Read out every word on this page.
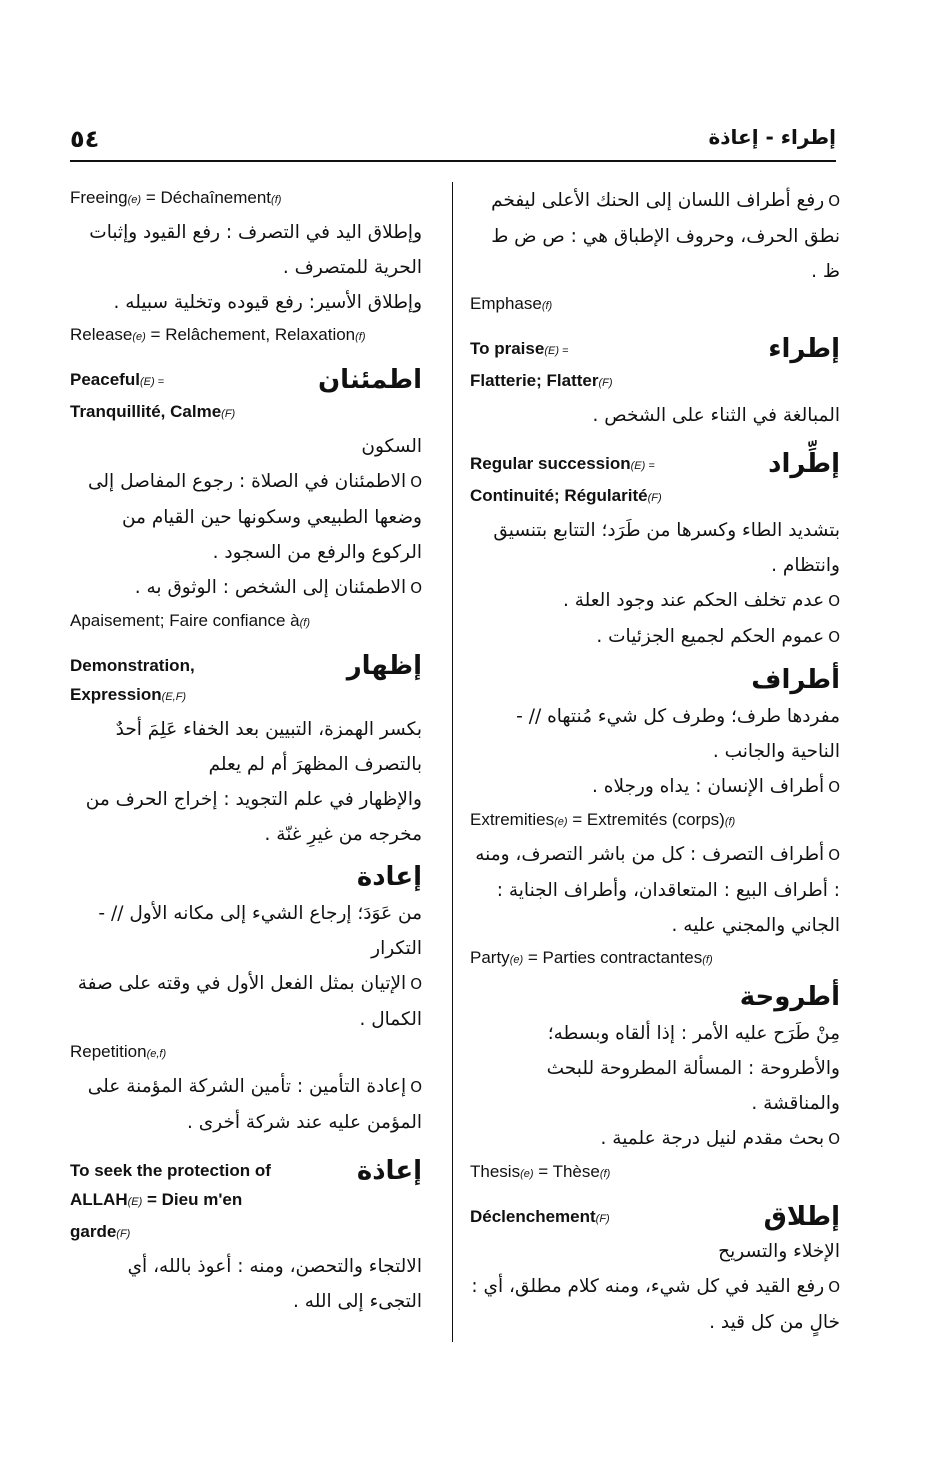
٥٤	إطراء - إعاذة
Oرفع أطراف اللسان إلى الحنك الأعلى ليفخم نطق الحرف، وحروف الإطباق هي : ص ض ط ظ .
Emphase(f)
إطراء
To praise(E) =
Flatterie; Flatter(F)
المبالغة في الثناء على الشخص .
إطِّراد
Regular succession(E) =
Continuité; Régularité(F)
بتشديد الطاء وكسرها من طَرَد؛ التتابع بتنسيق وانتظام .
Oعدم تخلف الحكم عند وجود العلة .
Oعموم الحكم لجميع الجزئيات .
أطراف
مفردها طرف؛ وطرف كل شيء مُنتهاه // - الناحية والجانب .
Oأطراف الإنسان : يداه ورجلاه .
Extremities(e) = Extremités (corps)(f)
Oأطراف التصرف : كل من باشر التصرف، ومنه : أطراف البيع : المتعاقدان، وأطراف الجناية : الجاني والمجني عليه .
Party(e) = Parties contractantes(f)
أطروحة
مِنْ طَرَح عليه الأمر : إذا ألقاه وبسطه؛ والأطروحة : المسألة المطروحة للبحث والمناقشة .
Oبحث مقدم لنيل درجة علمية .
Thesis(e) = Thèse(f)
إطلاق
Déclenchement(F)
الإخلاء والتسريح
Oرفع القيد في كل شيء، ومنه كلام مطلق، أي : خالٍ من كل قيد .
Freeing(e) = Déchaînement(f)
وإطلاق اليد في التصرف : رفع القيود وإثبات الحرية للمتصرف .
وإطلاق الأسير: رفع قيوده وتخلية سبيله .
Release(e) = Relâchement, Relaxation(f)
اطمئنان
Peaceful(E) =
Tranquillité, Calme(F)
السكون
Oالاطمئنان في الصلاة : رجوع المفاصل إلى وضعها الطبيعي وسكونها حين القيام من الركوع والرفع من السجود .
Oالاطمئنان إلى الشخص : الوثوق به .
Apaisement; Faire confiance à(f)
إظهار
Demonstration,
Expression(E,F)
بكسر الهمزة، التبيين بعد الخفاء عَلِمَ أحدٌ بالتصرف المظهرَ أم لم يعلم
والإظهار في علم التجويد : إخراج الحرف من مخرجه من غيرِ غنّة .
إعادة
من عَوَدَ؛ إرجاع الشيء إلى مكانه الأول // - التكرار
Oالإتيان بمثل الفعل الأول في وقته على صفة الكمال .
Repetition(e,f)
Oإعادة التأمين : تأمين الشركة المؤمنة على المؤمن عليه عند شركة أخرى .
إعاذة
To seek the protection of
ALLAH(E) = Dieu m'en
garde(F)
الالتجاء والتحصن، ومنه : أعوذ بالله، أي التجىء إلى الله .
